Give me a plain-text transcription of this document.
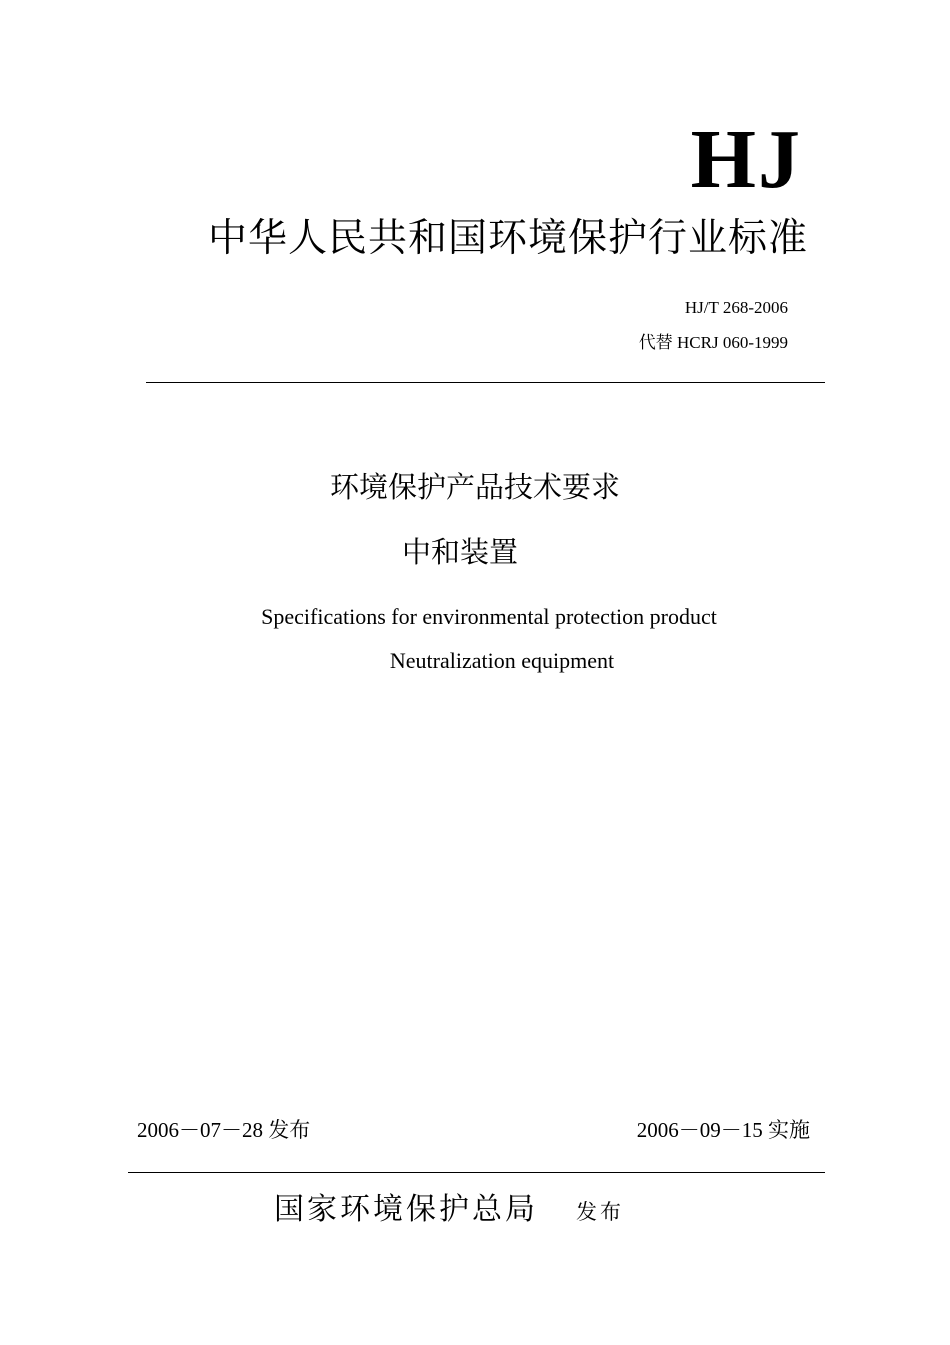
HJ
中华人民共和国环境保护行业标准
HJ/T 268-2006
代替 HCRJ 060-1999
环境保护产品技术要求
中和装置
Specifications for environmental protection product
Neutralization equipment
2006－07－28 发布	2006－09－15 实施
国家环境保护总局 发布
